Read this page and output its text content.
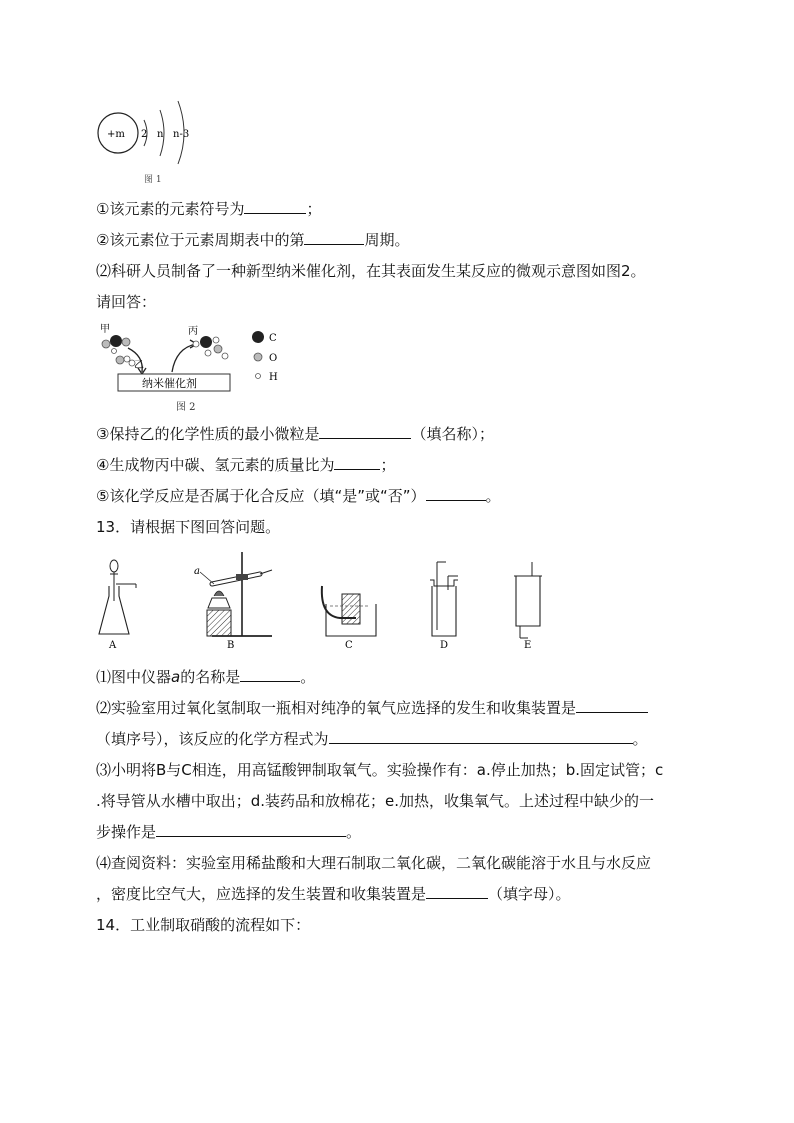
+m 2 n n-3
图 1
①该元素的元素符号为	；
②该元素位于元素周期表中的第	周期。
⑵科研人员制备了一种新型纳米催化剂，在其表面发生某反应的微观示意图如图2。
请回答：
甲
乙
丙
纳米催化剂
图 2
C
O
H
③保持乙的化学性质的最小微粒是	（填名称）；
④生成物丙中碳、氢元素的质量比为	；
⑤该化学反应是否属于化合反应（填“是”或“否”）	。
13．请根据下图回答问题。
A
a
B	C	D	E
⑴图中仪器a的名称是	。
⑵实验室用过氧化氢制取一瓶相对纯净的氧气应选择的发生和收集装置是
（填序号），该反应的化学方程式为	。
⑶小明将B与C相连，用高锰酸钾制取氧气。实验操作有：a.停止加热；b.固定试管；c
.将导管从水槽中取出；d.装药品和放棉花；e.加热，收集氧气。上述过程中缺少的一
步操作是	。
⑷查阅资料：实验室用稀盐酸和大理石制取二氧化碳，二氧化碳能溶于水且与水反应
，密度比空气大，应选择的发生装置和收集装置是	（填字母）。
14．工业制取硝酸的流程如下：
